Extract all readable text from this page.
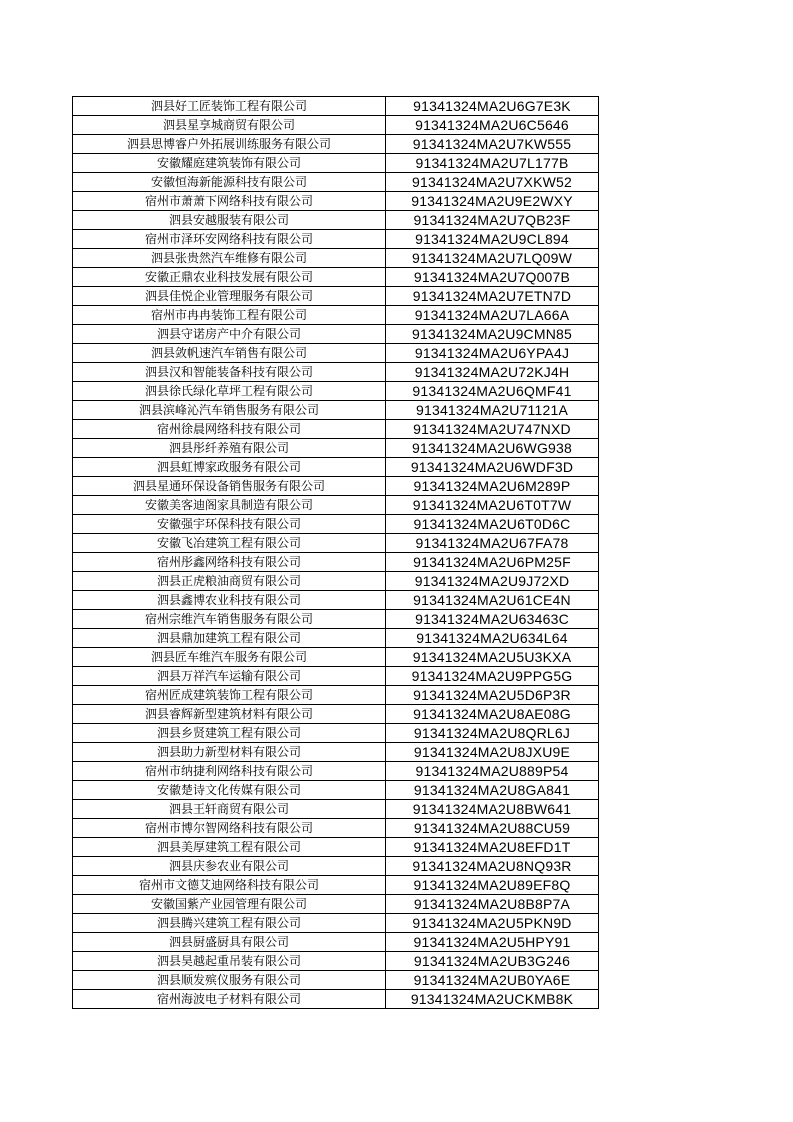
泗县好工匠装饰工程有限公司	91341324MA2U6G7E3K
泗县星享城商贸有限公司	91341324MA2U6C5646
泗县思博睿户外拓展训练服务有限公司	91341324MA2U7KW555
安徽耀庭建筑装饰有限公司	91341324MA2U7L177B
安徽恒海新能源科技有限公司	91341324MA2U7XKW52
宿州市萧萧下网络科技有限公司	91341324MA2U9E2WXY
泗县安越服装有限公司	91341324MA2U7QB23F
宿州市泽环安网络科技有限公司	91341324MA2U9CL894
泗县张贵然汽车维修有限公司	91341324MA2U7LQ09W
安徽正鼎农业科技发展有限公司	91341324MA2U7Q007B
泗县佳悦企业管理服务有限公司	91341324MA2U7ETN7D
宿州市冉冉装饰工程有限公司	91341324MA2U7LA66A
泗县守诺房产中介有限公司	91341324MA2U9CMN85
泗县敛帆速汽车销售有限公司	91341324MA2U6YPA4J
泗县汉和智能装备科技有限公司	91341324MA2U72KJ4H
泗县徐氏绿化草坪工程有限公司	91341324MA2U6QMF41
泗县滨峰沁汽车销售服务有限公司	91341324MA2U71121A
宿州徐晨网络科技有限公司	91341324MA2U747NXD
泗县彤纤养殖有限公司	91341324MA2U6WG938
泗县虹博家政服务有限公司	91341324MA2U6WDF3D
泗县星通环保设备销售服务有限公司	91341324MA2U6M289P
安徽美客迪阁家具制造有限公司	91341324MA2U6T0T7W
安徽强宇环保科技有限公司	91341324MA2U6T0D6C
安徽飞冶建筑工程有限公司	91341324MA2U67FA78
宿州彤鑫网络科技有限公司	91341324MA2U6PM25F
泗县正虎粮油商贸有限公司	91341324MA2U9J72XD
泗县鑫博农业科技有限公司	91341324MA2U61CE4N
宿州宗维汽车销售服务有限公司	91341324MA2U63463C
泗县鼎加建筑工程有限公司	91341324MA2U634L64
泗县匠车维汽车服务有限公司	91341324MA2U5U3KXA
泗县万祥汽车运输有限公司	91341324MA2U9PPG5G
宿州匠成建筑装饰工程有限公司	91341324MA2U5D6P3R
泗县睿辉新型建筑材料有限公司	91341324MA2U8AE08G
泗县乡贤建筑工程有限公司	91341324MA2U8QRL6J
泗县助力新型材料有限公司	91341324MA2U8JXU9E
宿州市纳捷利网络科技有限公司	91341324MA2U889P54
安徽楚诗文化传媒有限公司	91341324MA2U8GA841
泗县王轩商贸有限公司	91341324MA2U8BW641
宿州市博尔智网络科技有限公司	91341324MA2U88CU59
泗县美厚建筑工程有限公司	91341324MA2U8EFD1T
泗县庆参农业有限公司	91341324MA2U8NQ93R
宿州市文德艾迪网络科技有限公司	91341324MA2U89EF8Q
安徽国紫产业园管理有限公司	91341324MA2U8B8P7A
泗县腾兴建筑工程有限公司	91341324MA2U5PKN9D
泗县厨盛厨具有限公司	91341324MA2U5HPY91
泗县昊越起重吊装有限公司	91341324MA2UB3G246
泗县顺发殡仪服务有限公司	91341324MA2UB0YA6E
宿州海波电子材料有限公司	91341324MA2UCKMB8K
